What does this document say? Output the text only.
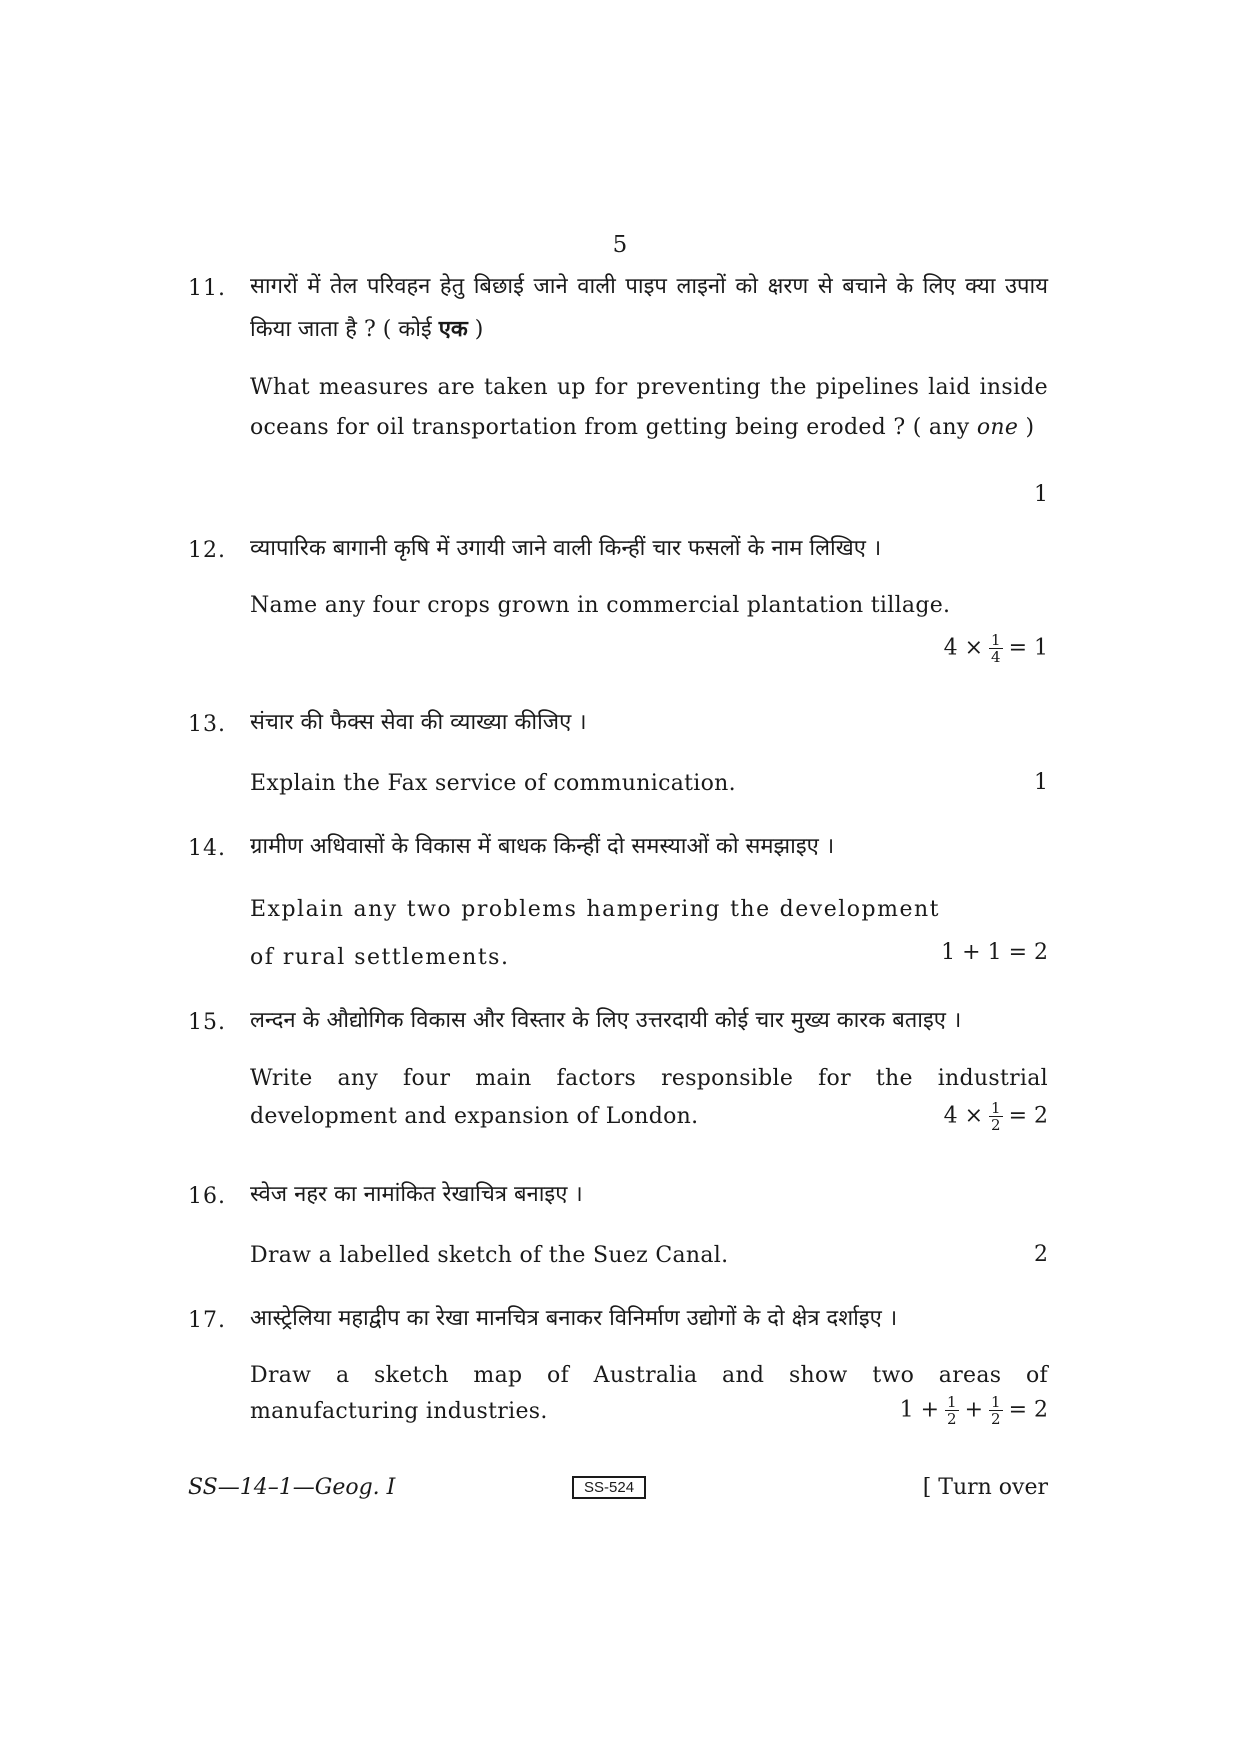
5
11. सागरों में तेल परिवहन हेतु बिछाई जाने वाली पाइप लाइनों को क्षरण से बचाने के लिए क्या उपाय किया जाता है ? ( कोई एक )
What measures are taken up for preventing the pipelines laid inside oceans for oil transportation from getting being eroded ? ( any one )
1
12. व्यापारिक बागानी कृषि में उगायी जाने वाली किन्हीं चार फसलों के नाम लिखिए ।
Name any four crops grown in commercial plantation tillage.
$4 \times \frac{1}{4} = 1$
13. संचार की फैक्स सेवा की व्याख्या कीजिए ।
Explain the Fax service of communication.	1
14. ग्रामीण अधिवासों के विकास में बाधक किन्हीं दो समस्याओं को समझाइए ।
Explain any two problems hampering the development of rural settlements.	1 + 1 = 2
15. लन्दन के औद्योगिक विकास और विस्तार के लिए उत्तरदायी कोई चार मुख्य कारक बताइए ।
Write any four main factors responsible for the industrial development and expansion of London.	$4 \times \frac{1}{2} = 2$
16. स्वेज नहर का नामांकित रेखाचित्र बनाइए ।
Draw a labelled sketch of the Suez Canal.	2
17. आस्ट्रेलिया महाद्वीप का रेखा मानचित्र बनाकर विनिर्माण उद्योगों के दो क्षेत्र दर्शाइए ।
Draw a sketch map of Australia and show two areas of manufacturing industries.	$1 + \frac{1}{2} + \frac{1}{2} = 2$
SS—14–1—Geog. I	SS-524	[ Turn over
